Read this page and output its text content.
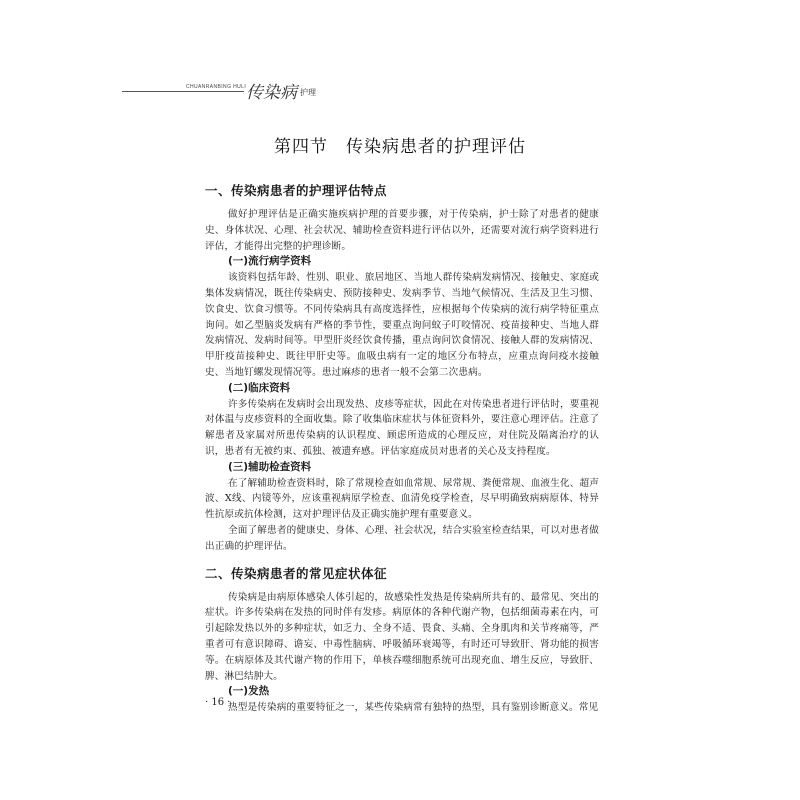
CHUANRANBING HULI 传染病 护理
第四节　传染病患者的护理评估
一、传染病患者的护理评估特点

做好护理评估是正确实施疾病护理的首要步骤，对于传染病，护士除了对患者的健康史、身体状况、心理、社会状况、辅助检查资料进行评估以外，还需要对流行病学资料进行评估，才能得出完整的护理诊断。

(一)流行病学资料

该资料包括年龄、性别、职业、旅居地区、当地人群传染病发病情况、接触史、家庭或集体发病情况，既往传染病史、预防接种史、发病季节、当地气候情况、生活及卫生习惯、饮食史、饮食习惯等。不同传染病具有高度选择性，应根据每个传染病的流行病学特征重点询问。如乙型脑炎发病有严格的季节性，要重点询问蚊子叮咬情况、疫苗接种史、当地人群发病情况、发病时间等。甲型肝炎经饮食传播，重点询问饮食情况、接触人群的发病情况、甲肝疫苗接种史、既往甲肝史等。血吸虫病有一定的地区分布特点，应重点询问疫水接触史、当地钉螺发现情况等。患过麻疹的患者一般不会第二次患病。

(二)临床资料

许多传染病在发病时会出现发热、皮疹等症状，因此在对传染患者进行评估时，要重视对体温与皮疹资料的全面收集。除了收集临床症状与体征资料外，要注意心理评估。注意了解患者及家属对所患传染病的认识程度、顾虑所造成的心理反应，对住院及隔离治疗的认识，患者有无被约束、孤独、被遗弃感。评估家庭成员对患者的关心及支持程度。

(三)辅助检查资料

在了解辅助检查资料时，除了常规检查如血常规、尿常规、粪便常规、血液生化、超声波、X线、内镜等外，应该重视病原学检查、血清免疫学检查，尽早明确致病病原体、特异性抗原或抗体检测，这对护理评估及正确实施护理有重要意义。

全面了解患者的健康史、身体、心理、社会状况，结合实验室检查结果，可以对患者做出正确的护理评估。

二、传染病患者的常见症状体征

传染病是由病原体感染人体引起的，故感染性发热是传染病所共有的、最常见、突出的症状。许多传染病在发热的同时伴有发疹。病原体的各种代谢产物，包括细菌毒素在内，可引起除发热以外的多种症状，如乏力、全身不适、畏食、头痛、全身肌肉和关节疼痛等，严重者可有意识障碍、谵妄、中毒性脑病、呼吸循环衰竭等，有时还可导致肝、肾功能的损害等。在病原体及其代谢产物的作用下，单核吞噬细胞系统可出现充血、增生反应，导致肝、脾、淋巴结肿大。

(一)发热

热型是传染病的重要特征之一，某些传染病常有独特的热型，具有鉴别诊断意义。常见

· 16 ·
